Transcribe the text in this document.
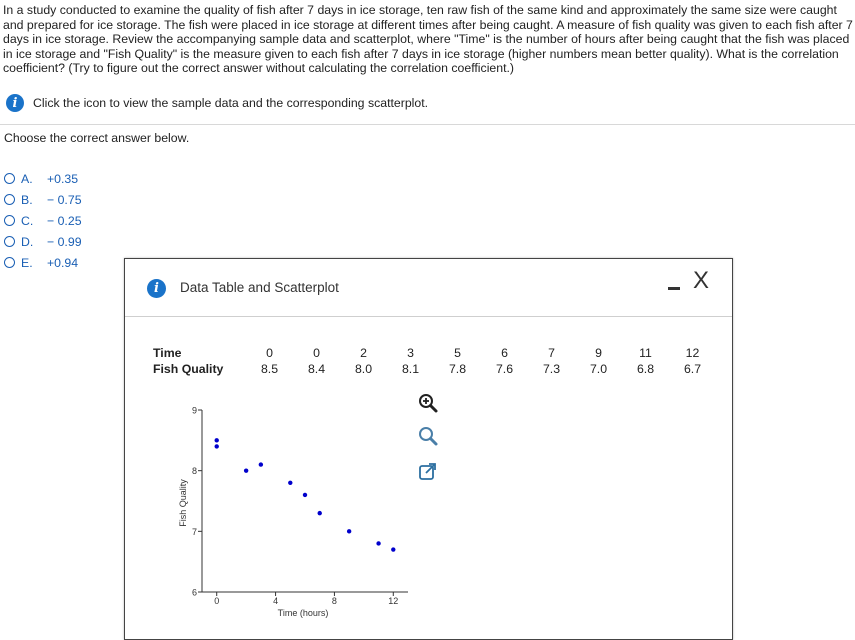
In a study conducted to examine the quality of fish after 7 days in ice storage, ten raw fish of the same kind and approximately the same size were caught and prepared for ice storage. The fish were placed in ice storage at different times after being caught. A measure of fish quality was given to each fish after 7 days in ice storage. Review the accompanying sample data and scatterplot, where "Time" is the number of hours after being caught that the fish was placed in ice storage and "Fish Quality" is the measure given to each fish after 7 days in ice storage (higher numbers mean better quality). What is the correlation coefficient? (Try to figure out the correct answer without calculating the correlation coefficient.)
i	Click the icon to view the sample data and the corresponding scatterplot.
Choose the correct answer below.
A.	+0.35
B.	− 0.75
C.	− 0.25
D.	− 0.99
E.	+0.94
i	Data Table and Scatterplot	X
Time	0	0	2	3	5	6	7	9	11	12
Fish Quality	8.5	8.4	8.0	8.1	7.8	7.6	7.3	7.0	6.8	6.7
6
7
8
9
0	4	8	12
Time (hours)
Fish Quality
